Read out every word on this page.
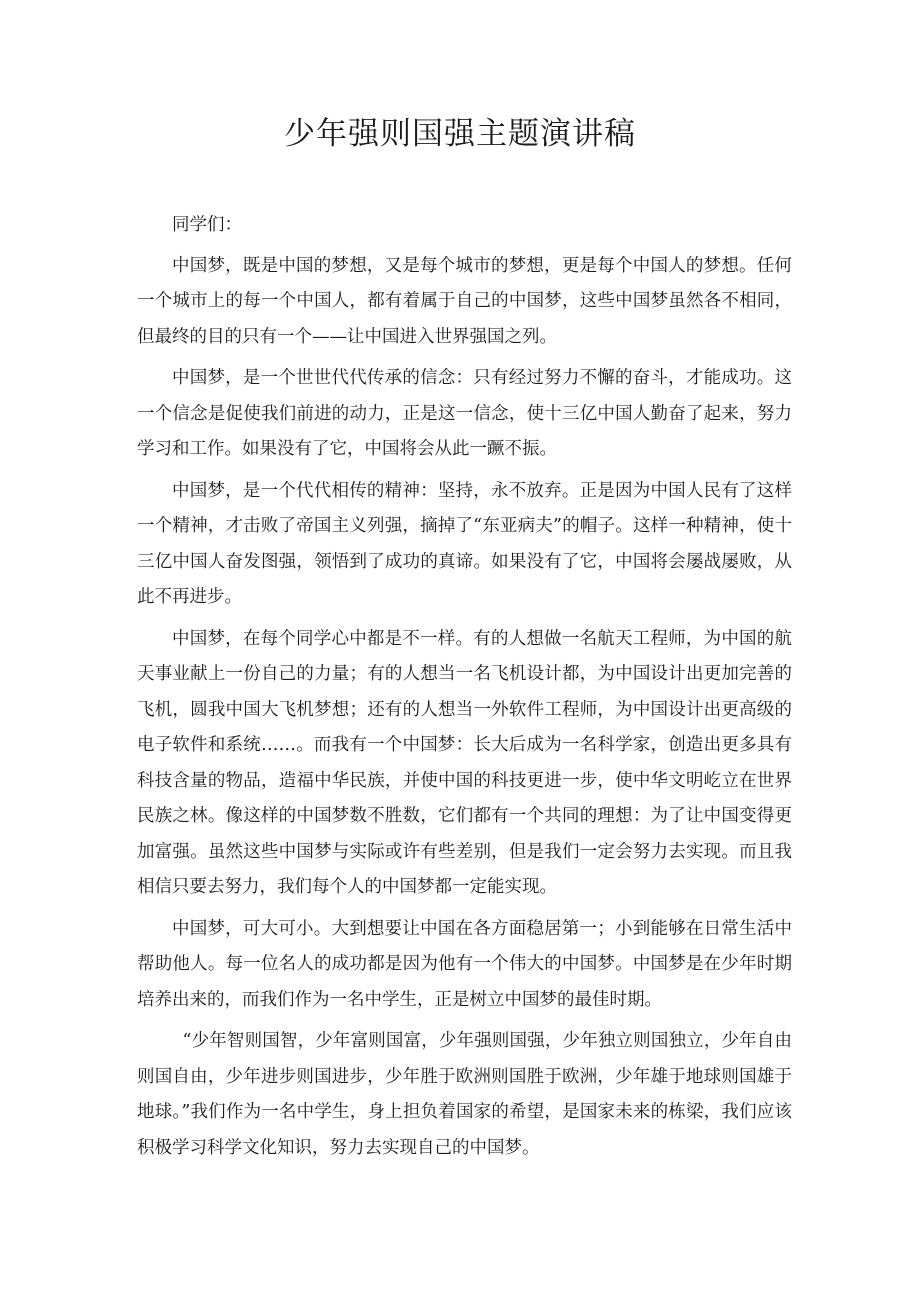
少年强则国强主题演讲稿

同学们：

中国梦，既是中国的梦想，又是每个城市的梦想，更是每个中国人的梦想。任何一个城市上的每一个中国人，都有着属于自己的中国梦，这些中国梦虽然各不相同，但最终的目的只有一个——让中国进入世界强国之列。

中国梦，是一个世世代代传承的信念：只有经过努力不懈的奋斗，才能成功。这一个信念是促使我们前进的动力，正是这一信念，使十三亿中国人勤奋了起来，努力学习和工作。如果没有了它，中国将会从此一蹶不振。

中国梦，是一个代代相传的精神：坚持，永不放弃。正是因为中国人民有了这样一个精神，才击败了帝国主义列强，摘掉了“东亚病夫”的帽子。这样一种精神，使十三亿中国人奋发图强，领悟到了成功的真谛。如果没有了它，中国将会屡战屡败，从此不再进步。

中国梦，在每个同学心中都是不一样。有的人想做一名航天工程师，为中国的航天事业献上一份自己的力量；有的人想当一名飞机设计都，为中国设计出更加完善的飞机，圆我中国大飞机梦想；还有的人想当一外软件工程师，为中国设计出更高级的电子软件和系统……。而我有一个中国梦：长大后成为一名科学家，创造出更多具有科技含量的物品，造福中华民族，并使中国的科技更进一步，使中华文明屹立在世界民族之林。像这样的中国梦数不胜数，它们都有一个共同的理想：为了让中国变得更加富强。虽然这些中国梦与实际或许有些差别，但是我们一定会努力去实现。而且我相信只要去努力，我们每个人的中国梦都一定能实现。

中国梦，可大可小。大到想要让中国在各方面稳居第一；小到能够在日常生活中帮助他人。每一位名人的成功都是因为他有一个伟大的中国梦。中国梦是在少年时期培养出来的，而我们作为一名中学生，正是树立中国梦的最佳时期。

“少年智则国智，少年富则国富，少年强则国强，少年独立则国独立，少年自由则国自由，少年进步则国进步，少年胜于欧洲则国胜于欧洲，少年雄于地球则国雄于地球。”我们作为一名中学生，身上担负着国家的希望，是国家未来的栋梁，我们应该积极学习科学文化知识，努力去实现自己的中国梦。
